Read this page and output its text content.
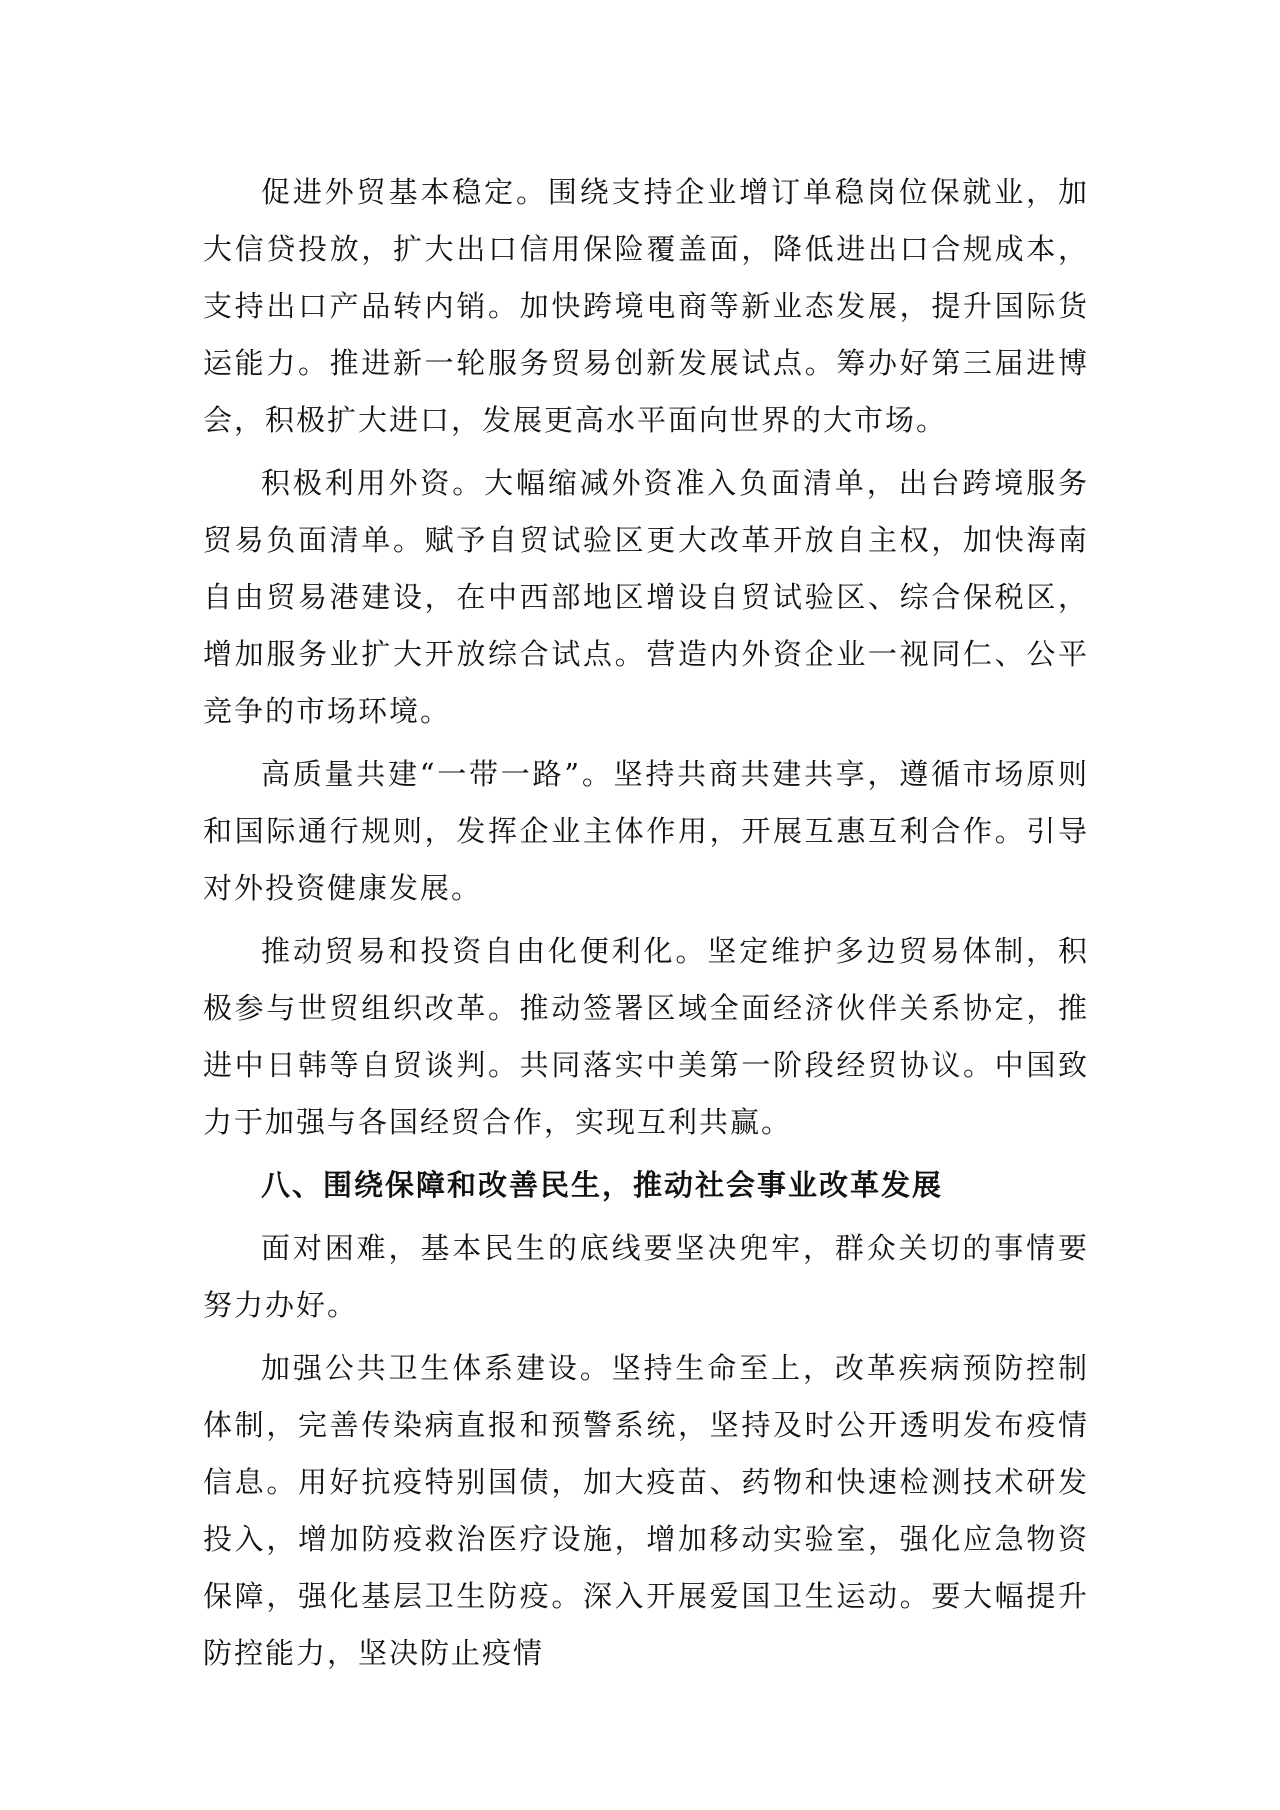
促进外贸基本稳定。围绕支持企业增订单稳岗位保就业，加大信贷投放，扩大出口信用保险覆盖面，降低进出口合规成本，支持出口产品转内销。加快跨境电商等新业态发展，提升国际货运能力。推进新一轮服务贸易创新发展试点。筹办好第三届进博会，积极扩大进口，发展更高水平面向世界的大市场。

积极利用外资。大幅缩减外资准入负面清单，出台跨境服务贸易负面清单。赋予自贸试验区更大改革开放自主权，加快海南自由贸易港建设，在中西部地区增设自贸试验区、综合保税区，增加服务业扩大开放综合试点。营造内外资企业一视同仁、公平竞争的市场环境。

高质量共建“一带一路”。坚持共商共建共享，遵循市场原则和国际通行规则，发挥企业主体作用，开展互惠互利合作。引导对外投资健康发展。

推动贸易和投资自由化便利化。坚定维护多边贸易体制，积极参与世贸组织改革。推动签署区域全面经济伙伴关系协定，推进中日韩等自贸谈判。共同落实中美第一阶段经贸协议。中国致力于加强与各国经贸合作，实现互利共赢。

八、围绕保障和改善民生，推动社会事业改革发展

面对困难，基本民生的底线要坚决兜牢，群众关切的事情要努力办好。

加强公共卫生体系建设。坚持生命至上，改革疾病预防控制体制，完善传染病直报和预警系统，坚持及时公开透明发布疫情信息。用好抗疫特别国债，加大疫苗、药物和快速检测技术研发投入，增加防疫救治医疗设施，增加移动实验室，强化应急物资保障，强化基层卫生防疫。深入开展爱国卫生运动。要大幅提升防控能力，坚决防止疫情
